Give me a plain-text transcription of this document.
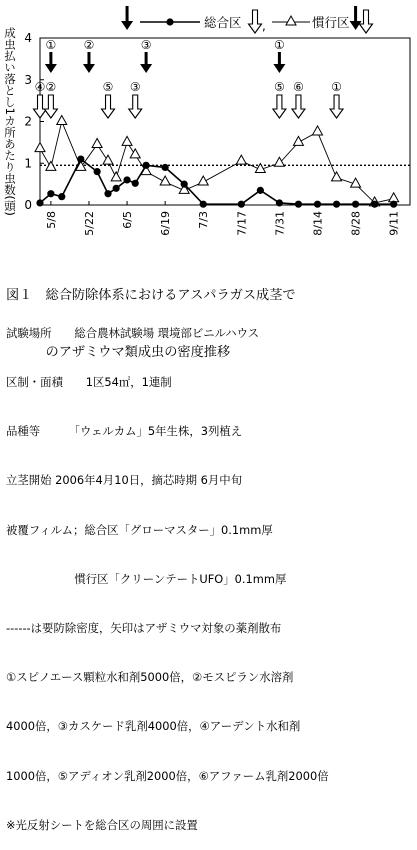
0
1
2
3
4
成虫払い落とし1カ所あたり虫数(頭)
5/8 5/22 6/5 6/19 7/3 7/17 7/31 8/14 8/28 9/11
① ②	③	①
④ ②	⑤ ③	⑤ ⑥ ①
総合区 ,	慣行区

図１　総合防除体系におけるアスパラガス成茎で

　　　のアザミウマ類成虫の密度推移

試験場所　　総合農林試験場 環境部ビニルハウス

区制・面積　　1区54㎡，1連制

品種等　　　「ウェルカム」5年生株，3列植え

立茎開始 2006年4月10日，摘芯時期 6月中旬

被覆フィルム；総合区「グローマスター」0.1mm厚

　　　　　　慣行区「クリーンテートUFO」0.1mm厚

------は要防除密度，矢印はアザミウマ対象の薬剤散布

①スピノエース顆粒水和剤5000倍，②モスピラン水溶剤

4000倍，③カスケード乳剤4000倍，④アーデント水和剤

1000倍，⑤アディオン乳剤2000倍，⑥アファーム乳剤2000倍

※光反射シートを総合区の周囲に設置
